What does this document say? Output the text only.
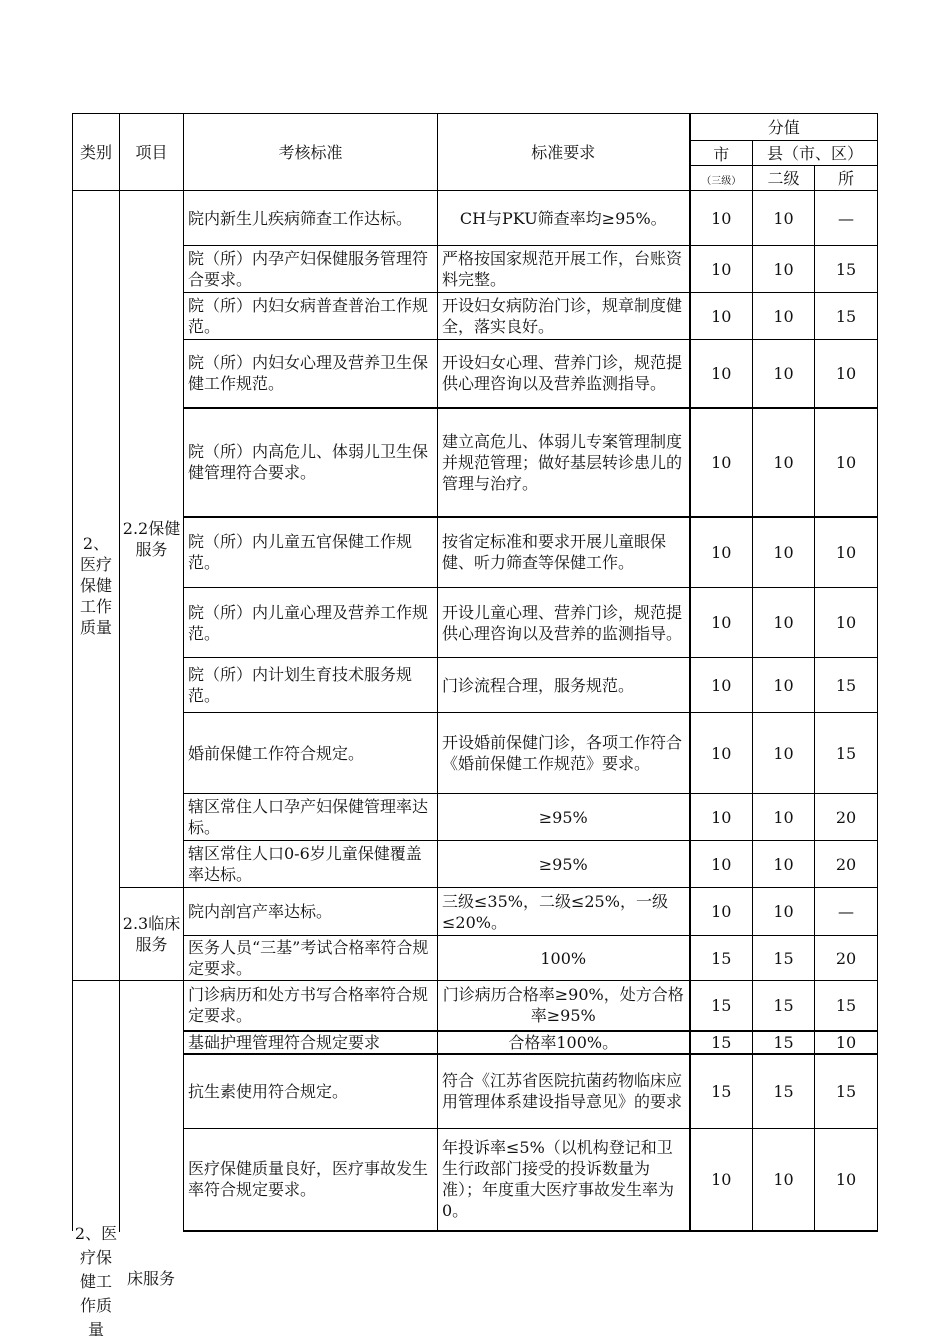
类别	项目	考核标准	标准要求	分值		
				市	县（市、区）	
				（三级）	二级	所
2、医疗保健工作质量	2.2保健服务	院内新生儿疾病筛查工作达标。	CH与PKU筛查率均≥95%。	10	10	—
		院（所）内孕产妇保健服务管理符合要求。	严格按国家规范开展工作，台账资料完整。	10	10	15
		院（所）内妇女病普查普治工作规范。	开设妇女病防治门诊，规章制度健全，落实良好。	10	10	15
		院（所）内妇女心理及营养卫生保健工作规范。	开设妇女心理、营养门诊，规范提供心理咨询以及营养监测指导。	10	10	10
		院（所）内高危儿、体弱儿卫生保健管理符合要求。	建立高危儿、体弱儿专案管理制度并规范管理；做好基层转诊患儿的管理与治疗。	10	10	10
		院（所）内儿童五官保健工作规范。	按省定标准和要求开展儿童眼保健、听力筛查等保健工作。	10	10	10
		院（所）内儿童心理及营养工作规范。	开设儿童心理、营养门诊，规范提供心理咨询以及营养的监测指导。	10	10	10
		院（所）内计划生育技术服务规范。	门诊流程合理，服务规范。	10	10	15
		婚前保健工作符合规定。	开设婚前保健门诊，各项工作符合《婚前保健工作规范》要求。	10	10	15
		辖区常住人口孕产妇保健管理率达标。	≥95%	10	10	20
		辖区常住人口0-6岁儿童保健覆盖率达标。	≥95%	10	10	20
	2.3临床服务	院内剖宫产率达标。	三级≤35%，二级≤25%，一级≤20%。	10	10	—
		医务人员“三基”考试合格率符合规定要求。	100%	15	15	20
		门诊病历和处方书写合格率符合规定要求。	门诊病历合格率≥90%，处方合格率≥95%	15	15	15
		基础护理管理符合规定要求	合格率100%。	15	15	10
		抗生素使用符合规定。	符合《江苏省医院抗菌药物临床应用管理体系建设指导意见》的要求	15	15	15
		医疗保健质量良好，医疗事故发生率符合规定要求。	年投诉率≤5%（以机构登记和卫生行政部门接受的投诉数量为准）；年度重大医疗事故发生率为0。	10	10	10
2、医疗保健工作质量
床服务
